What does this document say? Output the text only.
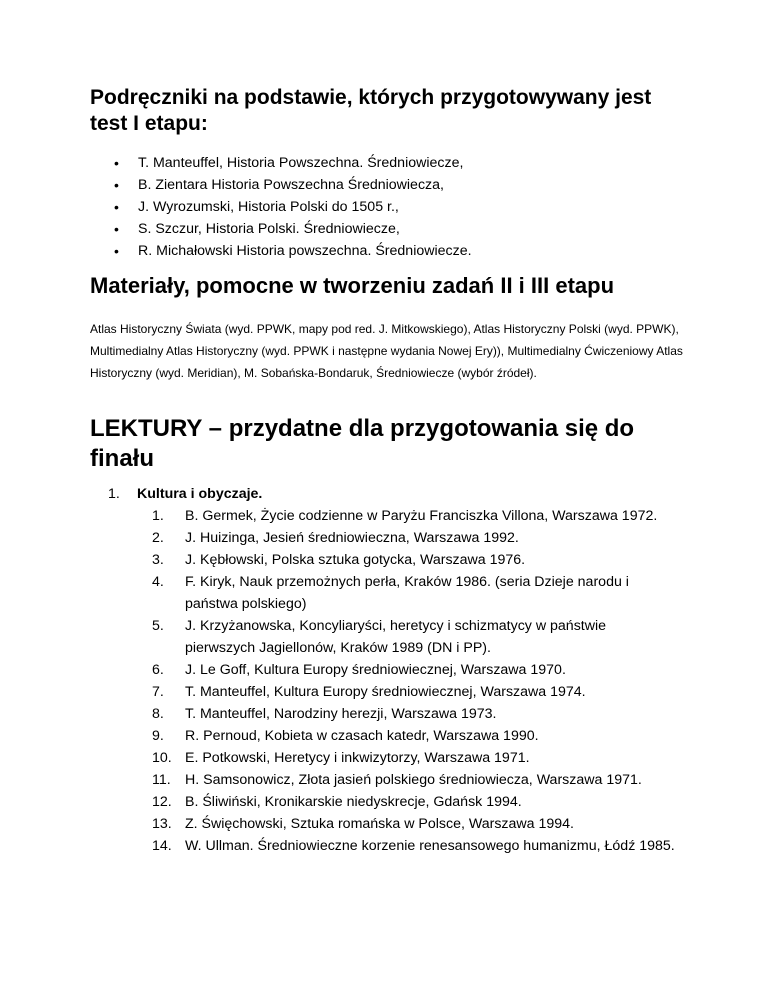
Podręczniki na podstawie, których przygotowywany jest test I etapu:
• T. Manteuffel, Historia Powszechna. Średniowiecze,
• B. Zientara Historia Powszechna Średniowiecza,
• J. Wyrozumski, Historia Polski do 1505 r.,
• S. Szczur, Historia Polski. Średniowiecze,
• R. Michałowski Historia powszechna. Średniowiecze.
Materiały, pomocne w tworzeniu zadań II i III etapu

Atlas Historyczny Świata (wyd. PPWK, mapy pod red. J. Mitkowskiego), Atlas Historyczny Polski (wyd. PPWK), Multimedialny Atlas Historyczny (wyd. PPWK i następne wydania Nowej Ery)), Multimedialny Ćwiczeniowy Atlas Historyczny (wyd. Meridian), M. Sobańska-Bondaruk, Średniowiecze (wybór źródeł).

LEKTURY – przydatne dla przygotowania się do finału
1. Kultura i obyczaje.
1.	B. Germek, Życie codzienne w Paryżu Franciszka Villona, Warszawa 1972.
2.	J. Huizinga, Jesień średniowieczna, Warszawa 1992.
3.	J. Kębłowski, Polska sztuka gotycka, Warszawa 1976.
4.	F. Kiryk, Nauk przemożnych perła, Kraków 1986. (seria Dzieje narodu i państwa polskiego)
5.	J. Krzyżanowska, Koncyliaryści, heretycy i schizmatycy w państwie pierwszych Jagiellonów, Kraków 1989 (DN i PP).
6.	J. Le Goff, Kultura Europy średniowiecznej, Warszawa 1970.
7.	T. Manteuffel, Kultura Europy średniowiecznej, Warszawa 1974.
8.	T. Manteuffel, Narodziny herezji, Warszawa 1973.
9.	R. Pernoud, Kobieta w czasach katedr, Warszawa 1990.
10. E. Potkowski, Heretycy i inkwizytorzy, Warszawa 1971.
11.	H. Samsonowicz, Złota jasień polskiego średniowiecza, Warszawa 1971.
12. B. Śliwiński, Kronikarskie niedyskrecje, Gdańsk 1994.
13. Z. Święchowski, Sztuka romańska w Polsce, Warszawa 1994.
14. W. Ullman. Średniowieczne korzenie renesansowego humanizmu, Łódź 1985.
